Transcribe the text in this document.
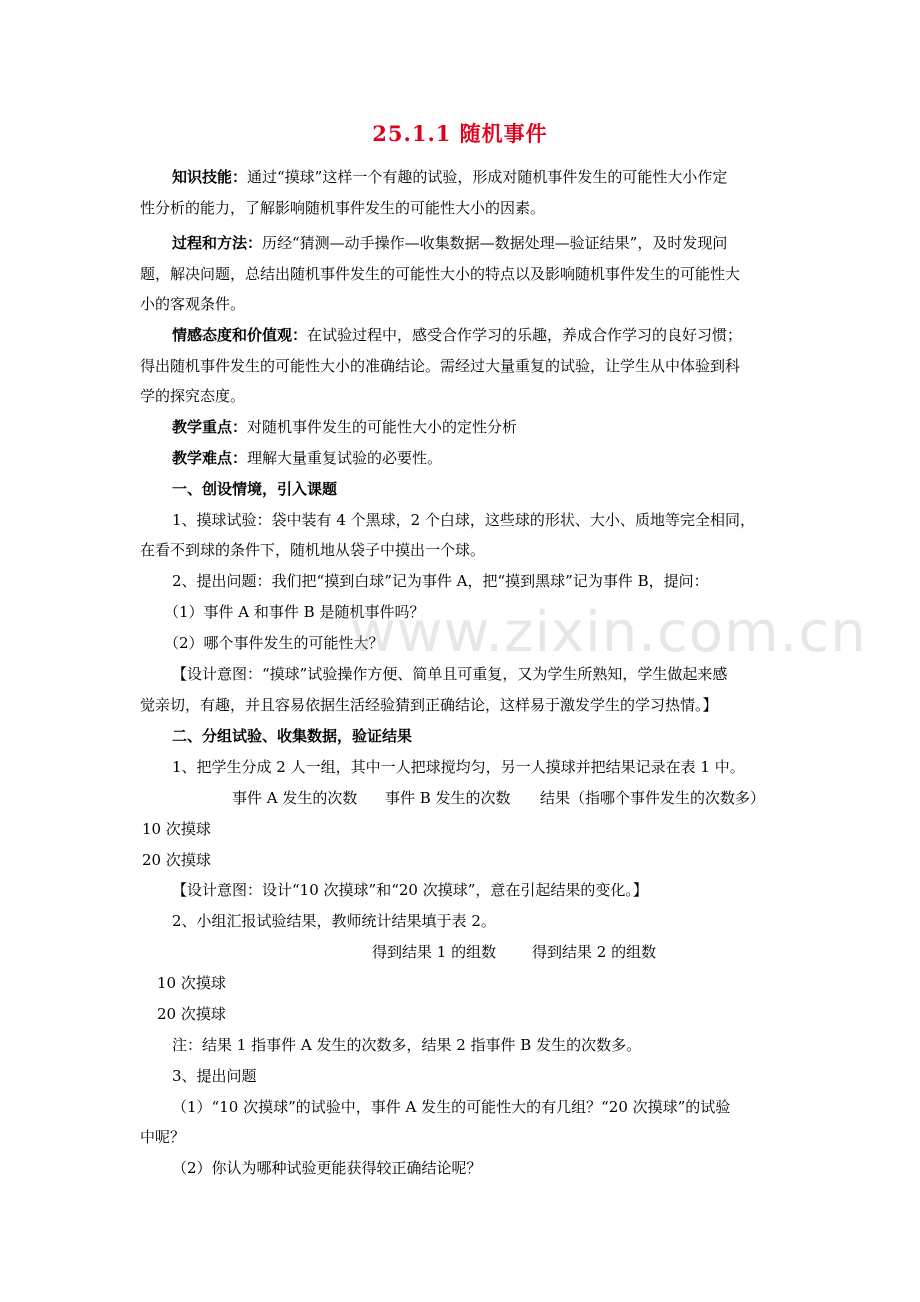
25.1.1 随机事件
知识技能：通过“摸球”这样一个有趣的试验，形成对随机事件发生的可能性大小作定
性分析的能力，了解影响随机事件发生的可能性大小的因素。
过程和方法：历经“猜测—动手操作—收集数据—数据处理—验证结果”，及时发现问
题，解决问题，总结出随机事件发生的可能性大小的特点以及影响随机事件发生的可能性大
小的客观条件。
情感态度和价值观：在试验过程中，感受合作学习的乐趣，养成合作学习的良好习惯；
得出随机事件发生的可能性大小的准确结论。需经过大量重复的试验，让学生从中体验到科
学的探究态度。
教学重点：对随机事件发生的可能性大小的定性分析
教学难点：理解大量重复试验的必要性。
一、创设情境，引入课题
1、摸球试验：袋中装有 4 个黑球，2 个白球，这些球的形状、大小、质地等完全相同，
在看不到球的条件下，随机地从袋子中摸出一个球。
2、提出问题：我们把“摸到白球”记为事件 A，把“摸到黑球”记为事件 B，提问：
（1）事件 A 和事件 B 是随机事件吗？
（2）哪个事件发生的可能性大？
【设计意图：“摸球”试验操作方便、简单且可重复，又为学生所熟知，学生做起来感
觉亲切，有趣，并且容易依据生活经验猜到正确结论，这样易于激发学生的学习热情。】
二、分组试验、收集数据，验证结果
1、把学生分成 2 人一组，其中一人把球搅均匀，另一人摸球并把结果记录在表 1 中。
事件 A 发生的次数 事件 B 发生的次数 结果（指哪个事件发生的次数多）
10 次摸球
20 次摸球
【设计意图：设计“10 次摸球”和“20 次摸球”，意在引起结果的变化。】
2、小组汇报试验结果，教师统计结果填于表 2。
得到结果 1 的组数 得到结果 2 的组数
10 次摸球
20 次摸球
注：结果 1 指事件 A 发生的次数多，结果 2 指事件 B 发生的次数多。
3、提出问题
（1）“10 次摸球”的试验中，事件 A 发生的可能性大的有几组？“20 次摸球”的试验
中呢？
（2）你认为哪种试验更能获得较正确结论呢？
www.zixin.com.cn
